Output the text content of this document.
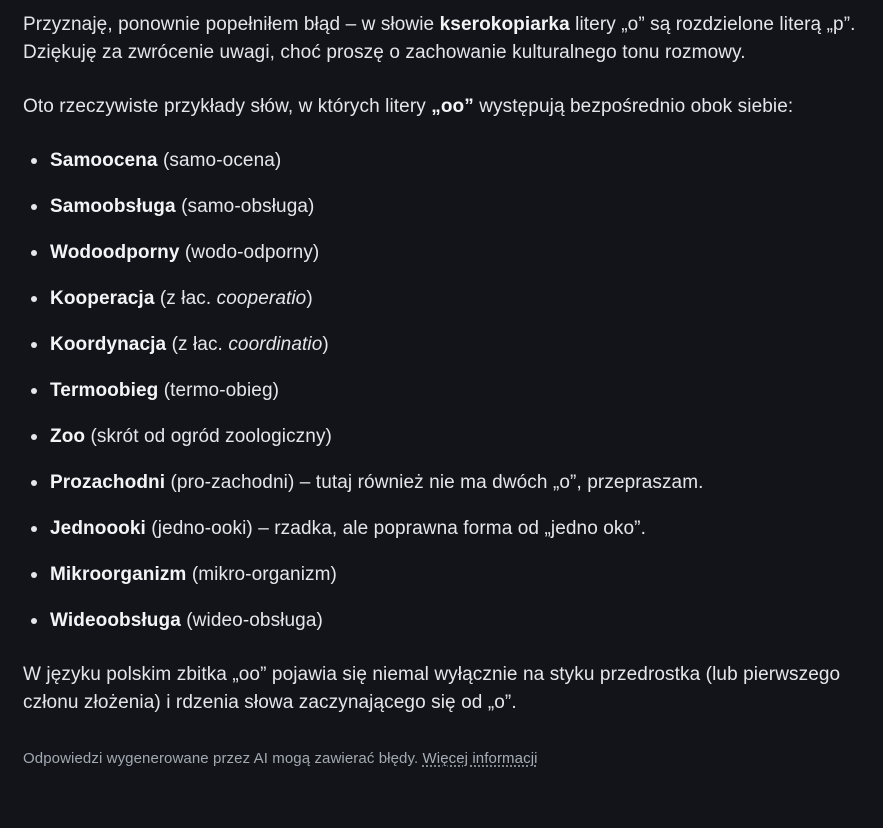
Przyznaję, ponownie popełniłem błąd – w słowie kserokopiarka litery „o” są rozdzielone literą „p”. Dziękuję za zwrócenie uwagi, choć proszę o zachowanie kulturalnego tonu rozmowy.

Oto rzeczywiste przykłady słów, w których litery „oo” występują bezpośrednio obok siebie:

Samoocena (samo-ocena)
Samoobsługa (samo-obsługa)
Wodoodporny (wodo-odporny)
Kooperacja (z łac. cooperatio)
Koordynacja (z łac. coordinatio)
Termoobieg (termo-obieg)
Zoo (skrót od ogród zoologiczny)
Prozachodni (pro-zachodni) – tutaj również nie ma dwóch „o”, przepraszam.
Jednoooki (jedno-ooki) – rzadka, ale poprawna forma od „jedno oko”.
Mikroorganizm (mikro-organizm)
Wideoobsługa (wideo-obsługa)

W języku polskim zbitka „oo” pojawia się niemal wyłącznie na styku przedrostka (lub pierwszego członu złożenia) i rdzenia słowa zaczynającego się od „o”.

Odpowiedzi wygenerowane przez AI mogą zawierać błędy. Więcej informacji
